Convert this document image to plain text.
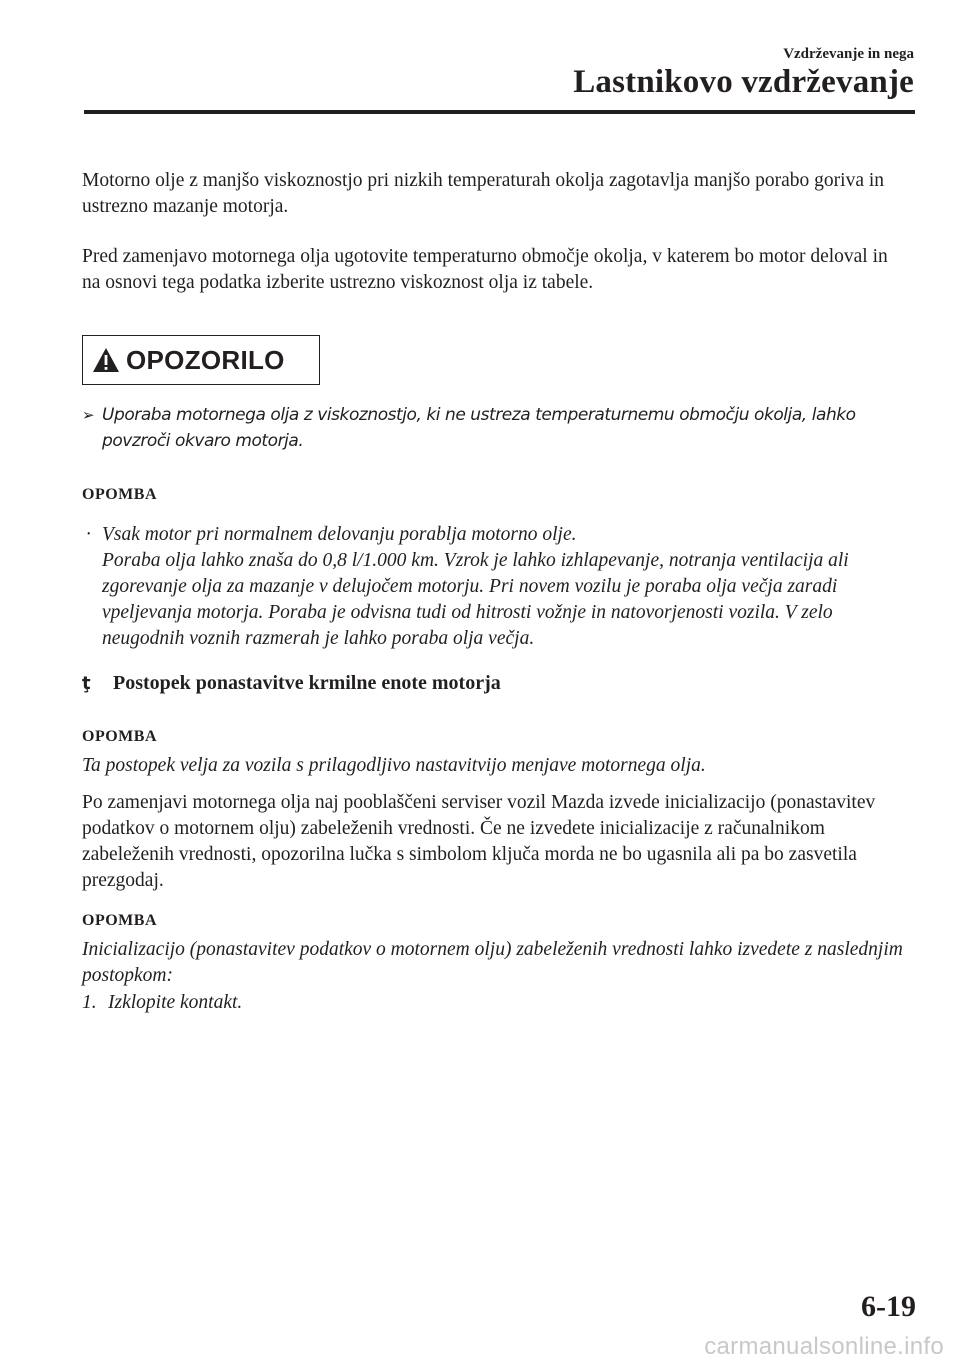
Vzdrževanje in nega
Lastnikovo vzdrževanje

Motorno olje z manjšo viskoznostjo pri nizkih temperaturah okolja zagotavlja manjšo porabo goriva in ustrezno mazanje motorja.

Pred zamenjavo motornega olja ugotovite temperaturno območje okolja, v katerem bo motor deloval in
na osnovi tega podatka izberite ustrezno viskoznost olja iz tabele.

OPOZORILO
➢ Uporaba motornega olja z viskoznostjo, ki ne ustreza temperaturnemu območju okolja, lahko povzroči okvaro motorja.
OPOMBA
· Vsak motor pri normalnem delovanju porablja motorno olje.
Poraba olja lahko znaša do 0,8 l/1.000 km. Vzrok je lahko izhlapevanje, notranja ventilacija ali zgorevanje olja za mazanje v delujočem motorju. Pri novem vozilu je poraba olja večja zaradi vpeljevanja motorja. Poraba je odvisna tudi od hitrosti vožnje in natovorjenosti vozila. V zelo neugodnih voznih razmerah je lahko poraba olja večja.
ţ Postopek ponastavitve krmilne enote motorja
OPOMBA

Ta postopek velja za vozila s prilagodljivo nastavitvijo menjave motornega olja.

Po zamenjavi motornega olja naj pooblaščeni serviser vozil Mazda izvede inicializacijo (ponastavitev podatkov o motornem olju) zabeleženih vrednosti. Če ne izvedete inicializacije z računalnikom zabeleženih vrednosti, opozorilna lučka s simbolom ključa morda ne bo ugasnila ali pa bo zasvetila prezgodaj.

OPOMBA

Inicializacijo (ponastavitev podatkov o motornem olju) zabeleženih vrednosti lahko izvedete z naslednjim postopkom:

1. Izklopite kontakt.
6-19
carmanualsonline.info
